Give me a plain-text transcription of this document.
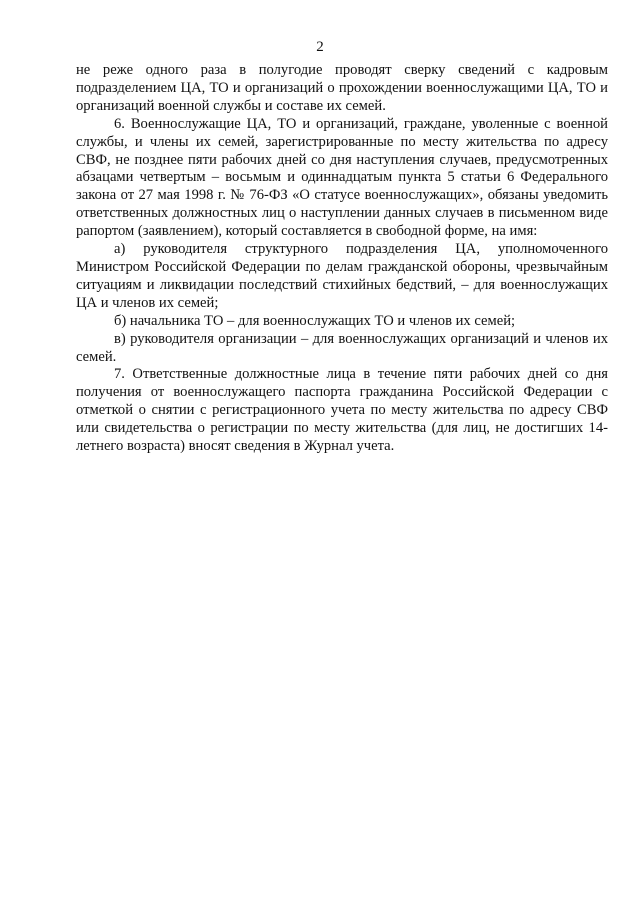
2

не реже одного раза в полугодие проводят сверку сведений с кадровым подразделением ЦА, ТО и организаций о прохождении военнослужащими ЦА, ТО и организаций военной службы и составе их семей.

6. Военнослужащие ЦА, ТО и организаций, граждане, уволенные с военной службы, и члены их семей, зарегистрированные по месту жительства по адресу СВФ, не позднее пяти рабочих дней со дня наступления случаев, предусмотренных абзацами четвертым – восьмым и одиннадцатым пункта 5 статьи 6 Федерального закона от 27 мая 1998 г. № 76-ФЗ «О статусе военнослужащих», обязаны уведомить ответственных должностных лиц о наступлении данных случаев в письменном виде рапортом (заявлением), который составляется в свободной форме, на имя:

а) руководителя структурного подразделения ЦА, уполномоченного Министром Российской Федерации по делам гражданской обороны, чрезвычайным ситуациям и ликвидации последствий стихийных бедствий, – для военнослужащих ЦА и членов их семей;

б) начальника ТО – для военнослужащих ТО и членов их семей;

в) руководителя организации – для военнослужащих организаций и членов их семей.

7. Ответственные должностные лица в течение пяти рабочих дней со дня получения от военнослужащего паспорта гражданина Российской Федерации с отметкой о снятии с регистрационного учета по месту жительства по адресу СВФ или свидетельства о регистрации по месту жительства (для лиц, не достигших 14-летнего возраста) вносят сведения в Журнал учета.
